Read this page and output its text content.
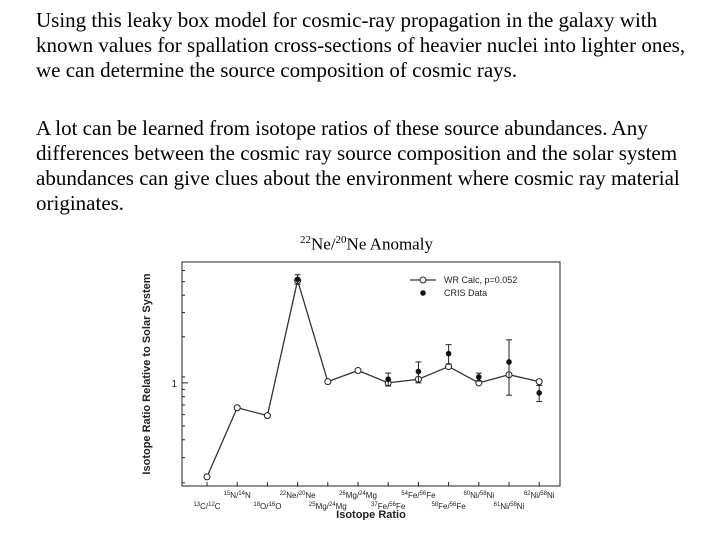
Using this leaky box model for cosmic-ray propagation in the galaxy with known values for spallation cross-sections of heavier nuclei into lighter ones, we can determine the source composition of cosmic rays.

A lot can be learned from isotope ratios of these source abundances. Any differences between the cosmic ray source composition and the solar system abundances can give clues about the environment where cosmic ray material originates.

$^{22}$Ne/$^{20}$Ne Anomaly
1
Isotope Ratio Relative to Solar System
Isotope Ratio
$^{13}$C/$^{12}$C
$^{15}$N/$^{14}$N
$^{18}$O/$^{16}$O
$^{22}$Ne/$^{20}$Ne
$^{25}$Mg/$^{24}$Mg
$^{26}$Mg/$^{24}$Mg
$^{37}$Fe/$^{56}$Fe
$^{54}$Fe/$^{56}$Fe
$^{58}$Fe/$^{56}$Fe
$^{60}$Ni/$^{58}$Ni
$^{61}$Ni/$^{58}$Ni
$^{62}$Ni/$^{58}$Ni
WR Calc, p=0.052
CRIS Data
